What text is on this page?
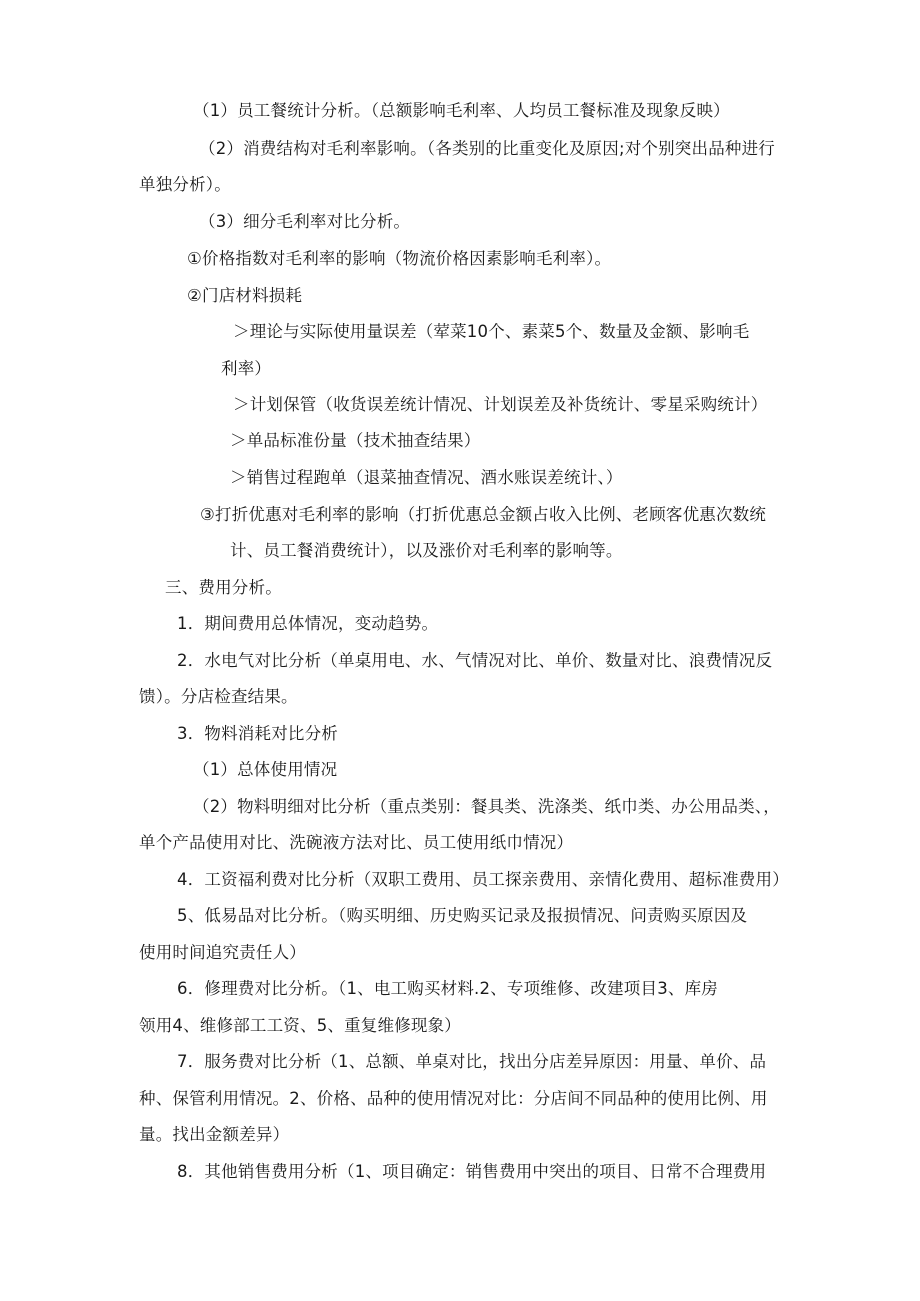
（1）员工餐统计分析。（总额影响毛利率、人均员工餐标准及现象反映）
（2）消费结构对毛利率影响。（各类别的比重变化及原因;对个别突出品种进行
单独分析）。
（3）细分毛利率对比分析。
①价格指数对毛利率的影响（物流价格因素影响毛利率）。
②门店材料损耗
＞理论与实际使用量误差（荤菜10个、素菜5个、数量及金额、影响毛
利率）
＞计划保管（收货误差统计情况、计划误差及补货统计、零星采购统计）
＞单品标准份量（技术抽查结果）
＞销售过程跑单（退菜抽查情况、酒水账误差统计、）
③打折优惠对毛利率的影响（打折优惠总金额占收入比例、老顾客优惠次数统
计、员工餐消费统计），以及涨价对毛利率的影响等。
三、费用分析。
1．期间费用总体情况，变动趋势。
2．水电气对比分析（单桌用电、水、气情况对比、单价、数量对比、浪费情况反
馈）。分店检查结果。
3．物料消耗对比分析
（1）总体使用情况
（2）物料明细对比分析（重点类别：餐具类、洗涤类、纸巾类、办公用品类、，
单个产品使用对比、洗碗液方法对比、员工使用纸巾情况）
4．工资福利费对比分析（双职工费用、员工探亲费用、亲情化费用、超标准费用）
5、低易品对比分析。（购买明细、历史购买记录及报损情况、问责购买原因及
使用时间追究责任人）
6．修理费对比分析。（1、电工购买材料.2、专项维修、改建项目3、库房
领用4、维修部工工资、5、重复维修现象）
7．服务费对比分析（1、总额、单桌对比，找出分店差异原因：用量、单价、品
种、保管利用情况。2、价格、品种的使用情况对比：分店间不同品种的使用比例、用
量。找出金额差异）
8．其他销售费用分析（1、项目确定：销售费用中突出的项目、日常不合理费用
